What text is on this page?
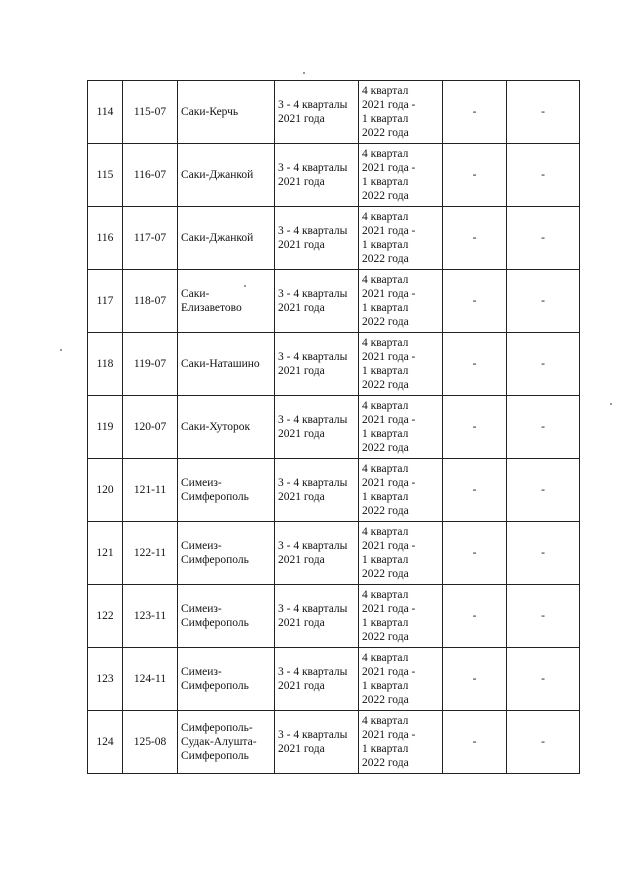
114	115-07	Саки-Керчь	3 - 4 кварталы
2021 года	4 квартал
2021 года -
1 квартал
2022 года	-	-
115	116-07	Саки-Джанкой	3 - 4 кварталы
2021 года	4 квартал
2021 года -
1 квартал
2022 года	-	-
116	117-07	Саки-Джанкой	3 - 4 кварталы
2021 года	4 квартал
2021 года -
1 квартал
2022 года	-	-
117	118-07	Саки-
Елизаветово	3 - 4 кварталы
2021 года	4 квартал
2021 года -
1 квартал
2022 года	-	-
118	119-07	Саки-Наташино	3 - 4 кварталы
2021 года	4 квартал
2021 года -
1 квартал
2022 года	-	-
119	120-07	Саки-Хуторок	3 - 4 кварталы
2021 года	4 квартал
2021 года -
1 квартал
2022 года	-	-
120	121-11	Симеиз-
Симферополь	3 - 4 кварталы
2021 года	4 квартал
2021 года -
1 квартал
2022 года	-	-
121	122-11	Симеиз-
Симферополь	3 - 4 кварталы
2021 года	4 квартал
2021 года -
1 квартал
2022 года	-	-
122	123-11	Симеиз-
Симферополь	3 - 4 кварталы
2021 года	4 квартал
2021 года -
1 квартал
2022 года	-	-
123	124-11	Симеиз-
Симферополь	3 - 4 кварталы
2021 года	4 квартал
2021 года -
1 квартал
2022 года	-	-
124	125-08	Симферополь-
Судак-Алушта-
Симферополь	3 - 4 кварталы
2021 года	4 квартал
2021 года -
1 квартал
2022 года	-	-
